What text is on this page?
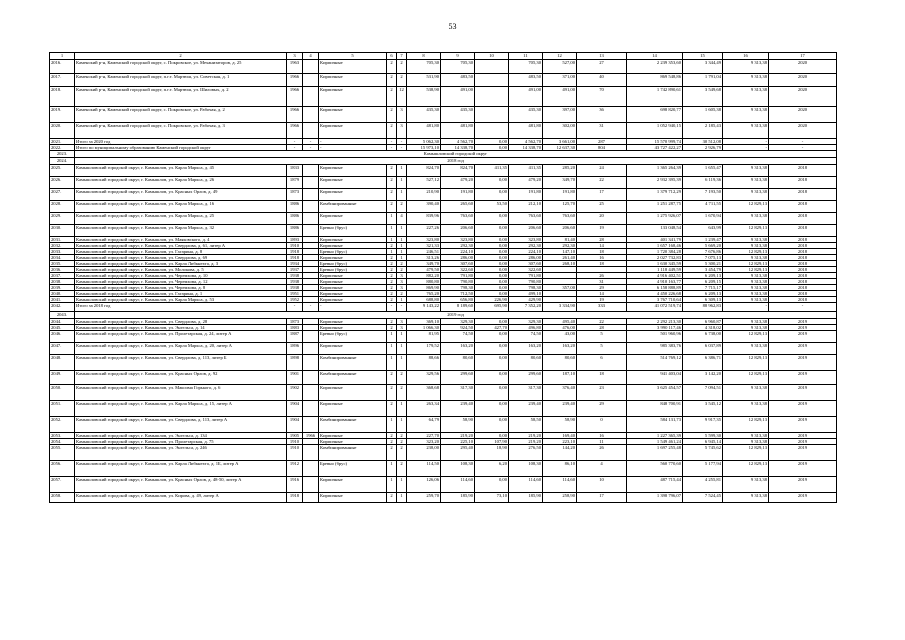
53
1	2	3	4	5	6	7	8	9	10	11	12	13	14	15	16	17
2016.	Каменский р-н, Каменский городской округ, с. Покровское, ул. Механизаторов, д. 25	1963		Кирпичные	2	2	705,30	705,30		705,30	527,00	27	2 239 353,60	3 344,49	9 313,38	2020
2017.	Каменский р-н, Каменский городской округ, п.г.т. Мартюш, ул. Советская, д. 1	1966		Кирпичные	2	2	531,90	483,50		483,50	371,00	40	869 548,86	1 791,04	9 313,38	2020
2018.	Каменский р-н, Каменский городской округ, п.г.т. Мартюш, ул. Шиловых, д. 2	1966		Кирпичные	2	12	538,90	491,00		491,00	491,00	70	1 742 890,61	3 549,68	9 313,38	2020
2019.	Каменский р-н, Каменский городской округ, с. Покровское, ул. Рабочая, д. 2	1966		Кирпичные	2	3	435,30	435,30		435,30	397,00	36	698 820,77	1 605,38	9 313,38	2020
2020.	Каменский р-н, Каменский городской округ, с. Покровское, ул. Рабочая, д. 3	1966		Кирпичные	2	3	481,80	481,80		481,80	302,00	31	1 052 940,15	2 185,43	9 313,38	2020
2021.	Итого за 2020 год	-	-	-	-	-	5 062,30	4 562,70	0,00	4 562,70	3 661,00	287	15 570 999,74	30 512,08	-	-
2022.	Итого по муниципальному образованию Каменский городской округ	-	-	-	-	-	15 973,10	14 338,70	0,00	14 338,70	12 637,30	804	43 727 422,27	2 926,79	-	-
2023.	Камышловский городской округ															
2024.	2018 год															
2025.	Камышловский городской округ, г. Камышлов, ул. Карла Маркса, д. 45	1833		Кирпичные	2	1	824,70	824,70	411,35	411,35	285,20	24	1 365 264,39	1 655,47	9 313,38	2018
2026.	Камышловский городской округ, г. Камышлов, ул. Карла Маркса, д. 26	1879		Кирпичные	2	1	527,12	479,20	0,00	479,20	349,70	22	2 932 395,39	6 119,36	9 313,38	2018
2027.	Камышловский городской округ, г. Камышлов, ул. Красных Орлов, д. 49	1873		Кирпичные	2	1	210,90	191,80	0,00	191,80	191,80	17	1 379 712,29	7 193,50	9 313,38	2018
2028.	Камышловский городской округ, г. Камышлов, ул. Карла Маркса, д. 16	1886		Комбинированные	2	2	390,40	265,60	53,50	212,10	125,70	25	1 251 287,75	4 711,55	12 829,13	2018
2029.	Камышловский городской округ, г. Камышлов, ул. Карла Маркса, д. 25	1886		Кирпичные	1	4	839,96	763,60	0,00	763,60	763,60	20	1 275 926,07	1 670,94	9 313,38	2018
2030.	Камышловский городской округ, г. Камышлов, ул. Карла Маркса, д. 32	1886		Бревно (брус)	1	1	227,26	206,60	0,00	206,60	206,60	19	133 048,54	643,99	12 829,13	2018
2031.	Камышловский городской округ, г. Камышлов, ул. Маяковского, д. 4	1893		Кирпичные	1	1	323,80	323,80	0,00	323,80	81,40	28	401 341,79	1 239,47	9 313,38	2018
2032.	Камышловский городской округ, г. Камышлов, ул. Свердлова, д. 61, литер А	1910		Кирпичные	2	1	321,33	292,30	0,00	292,30	292,30	14	1 657 168,46	5 669,20	9 313,38	2018
2033.	Камышловский городской округ, г. Камышлов, ул. Гагарина, д. 8	1918		Бревно (брус)	1	1	246,51	224,10	0,00	224,10	147,10	18	1 720 384,28	7 676,86	12 829,13	2018
2034.	Камышловский городской округ, г. Камышлов, ул. Свердлова, д. 69	1918		Кирпичные	2	1	313,26	286,00	0,00	286,00	261,40	16	2 027 732,83	7 075,13	9 313,38	2018
2035.	Камышловский городской округ, г. Камышлов, ул. Карла Либкнехта, д. 3	1934		Бревно (брус)	2	2	349,70	307,60	0,00	307,60	268,10	18	1 630 345,59	5 300,21	12 829,13	2018
2036.	Камышловский городской округ, г. Камышлов, ул. Молокова, д. 5	1937		Бревно (брус)	2	2	479,50	322,60	0,00	322,60			1 118 449,59	3 454,79	12 829,13	2018
2037.	Камышловский городской округ, г. Камышлов, ул. Черемхова, д. 10	1938		Кирпичные	2	3	882,20	791,80	0,00	791,80		26	4 916 402,51	6 209,13	9 313,38	2018
2038.	Камышловский городской округ, г. Камышлов, ул. Черемхова, д. 12	1938		Кирпичные	2	3	880,80	790,80	0,00	790,80		31	4 910 163,77	6 209,15	9 313,38	2018
2039.	Камышловский городской округ, г. Камышлов, ул. Черемхова, д. 8	1938		Кирпичные	2	3	869,90	798,30	0,00	798,30	357,00	29	6 158 888,89	7 715,17	9 313,38	2018
2040.	Камышловский городской округ, г. Камышлов, ул. Гагарина, д. 1	1951		Кирпичные	2	2	765,20	712,50	0,00	499,10		14	4 450 226,68	6 209,13	9 313,38	2018
2041.	Камышловский городской округ, г. Камышлов, ул. Карла Маркса, д. 53	1952		Кирпичные	2	1	688,80	656,80	226,90	429,90		19	3 767 710,64	6 309,13	9 313,38	2018
2042.	Итого за 2018 год	-	-	-	-	-	9 143,22	8 189,60	695,90	7 352,20	3 334,90	333	41 072 519,74	88 962,83	-	-
2043.	2019 год															
2044.	Камышловский городской округ, г. Камышлов, ул. Свердлова, д. 28	1873		Кирпичные	2	3	369,10	329,30	0,00	329,30	495,40	22	2 292 213,30	6 960,87	9 313,38	2019
2045.	Камышловский городской округ, г. Камышлов, ул. Энгельса, д. 14	1883		Кирпичные	2	3	1 066,30	924,50	427,70	496,80	476,00	28	3 990 117,46	4 318,02	9 313,38	2019
2046.	Камышловский городской округ, г. Камышлов, ул. Пролетарская, д. 24, литер А	1887		Бревно (брус)	1	1	81,95	74,50	0,00	74,50	43,00	5	501 960,96	6 738,00	12 829,13	2019
2047.	Камышловский городской округ, г. Камышлов, ул. Карла Маркса, д. 20, литер А	1896		Кирпичные	1	1	179,52	163,20	0,00	163,20	163,20	5	985 383,76	6 037,89	9 313,38	2019
2048.	Камышловский городской округ, г. Камышлов, ул. Свердлова, д. 113, литер Б	1898		Комбинированные	1	1	88,66	80,60	0,00	80,60	80,60	6	514 769,12	6 386,71	12 829,13	2019
2049.	Камышловский городской округ, г. Камышлов, ул. Красных Орлов, д. 92	1901		Комбинированные	2	2	329,56	299,60	0,00	299,60	187,10	18	941 403,04	3 142,20	12 829,13	2019
2050.	Камышловский городской округ, г. Камышлов, ул. Максима Горького, д. 6	1902		Кирпичные	2	2	368,68	317,30	0,00	317,30	376,40	23	3 625 454,57	7 094,51	9 313,38	2019
2051.	Камышловский городской округ, г. Камышлов, ул. Карла Маркса, д. 15, литер А	1904		Кирпичные	2	1	263,34	239,40	0,00	239,40	239,40	29	848 700,91	3 545,12	9 313,38	2019
2052.	Камышловский городской округ, г. Камышлов, ул. Свердлова, д. 113, литер А	1904		Комбинированные	1	1	64,79	58,90	0,00	58,50	58,90	0	584 131,73	9 917,35	12 829,13	2019
2053.	Камышловский городской округ, г. Камышлов, ул. Энгельса, д. 134	1905	1966	Кирпичные	2	2	227,70	219,20	0,00	219,20	169,40	16	1 227 365,39	5 599,30	9 313,38	2019
2054.	Камышловский городской округ, г. Камышлов, ул. Пролетарская, д. 75	1910		Кирпичные	2	2	323,20	225,10	107,90	219,20	223,10	11	1 549 461,24	6 945,14	9 313,38	2019
2055.	Камышловский городской округ, г. Камышлов, ул. Энгельса, д. 246	1910		Комбинированные	2	2	238,00	295,40	18,90	276,50	144,20	26	1 697 255,48	5 745,62	12 829,13	2019
2056.	Камышловский городской округ, г. Камышлов, ул. Карла Либкнехта, д. 1Б, литер А	1912		Бревно (брус)	1	2	114,50	108,30	6,20	108,30	86,10	4	560 770,60	5 177,94	12 829,13	2019
2057.	Камышловский городской округ, г. Камышлов, ул. Красных Орлов, д. 48-50, литер А	1916		Кирпичные	1	1	126,06	114,60	0,00	114,60	114,60	10	487 715,44	4 255,81	9 313,38	2019
2058.	Камышловский городской округ, г. Камышлов, ул. Кирова, д. 49, литер А	1918		Кирпичные	2	1	259,70	185,90	73,10	185,90	258,90	17	1 398 796,07	7 524,45	9 313,38	2019
